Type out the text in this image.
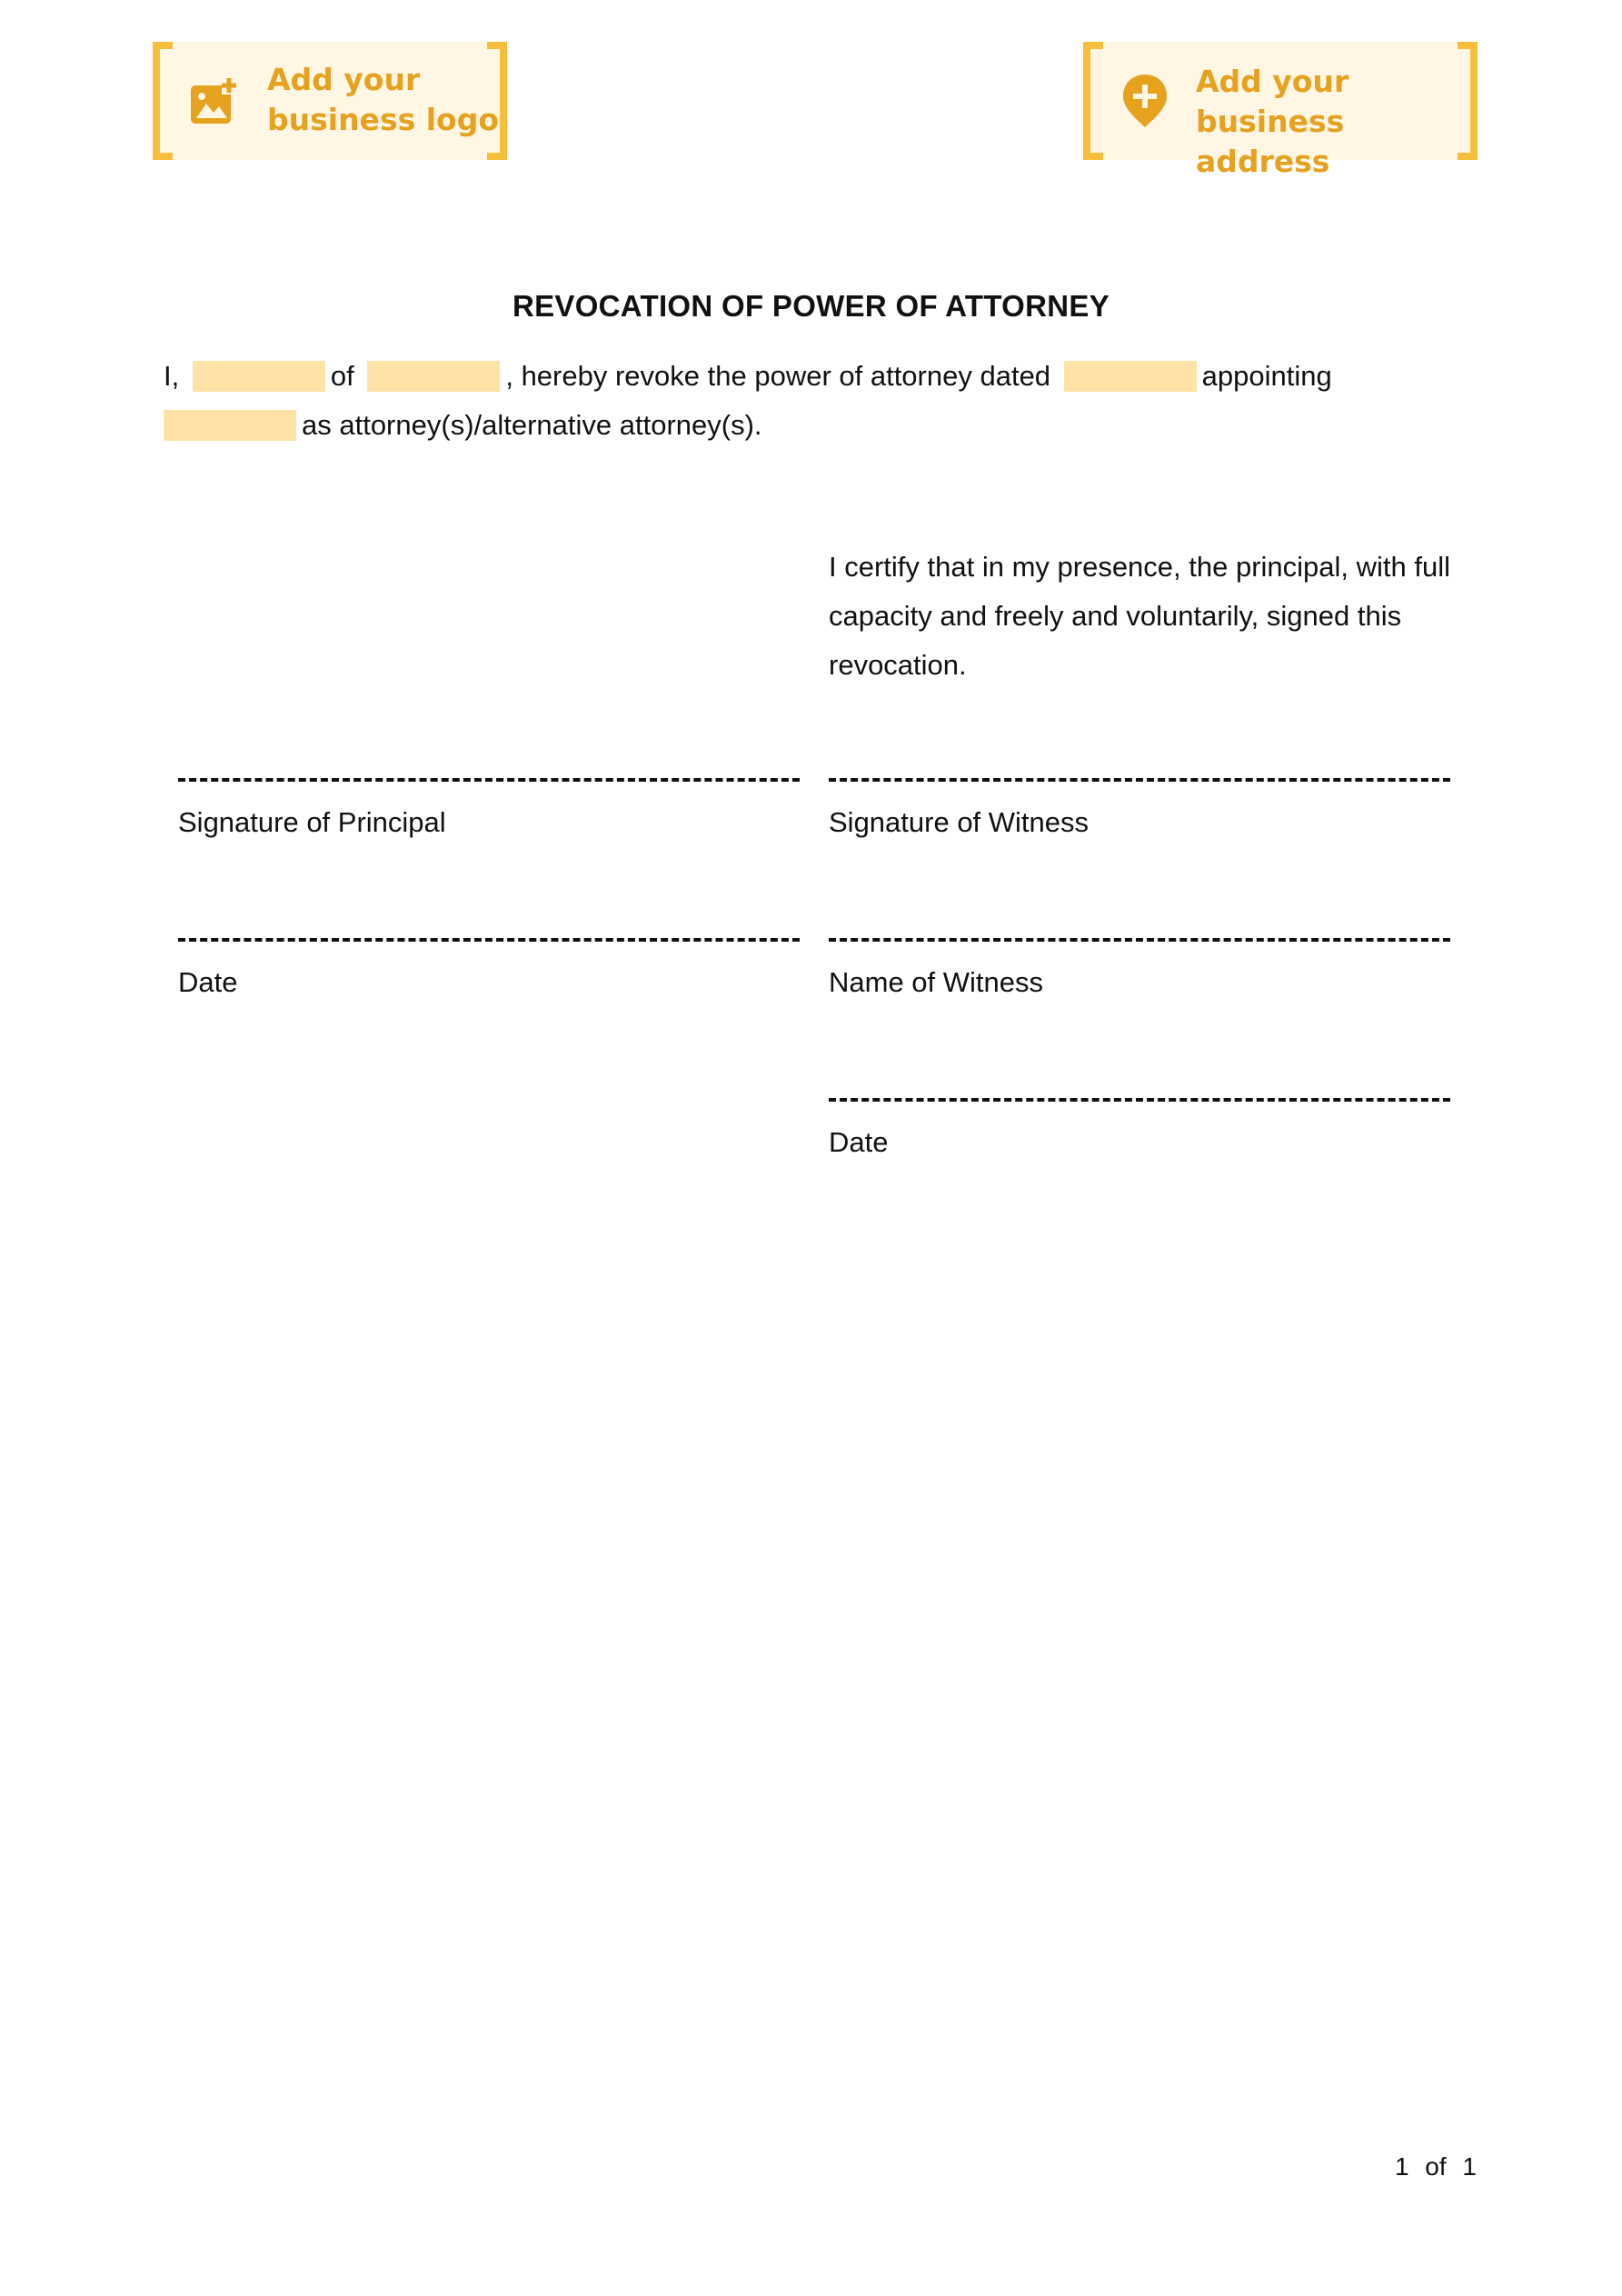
Add your
business logo
Add your
business address
REVOCATION OF POWER OF ATTORNEY
I,	of	, hereby revoke the power of attorney dated	appointing
as attorney(s)/alternative attorney(s).
I certify that in my presence, the principal, with full capacity and freely and voluntarily, signed this revocation.
Signature of Principal
Date
Signature of Witness
Name of Witness
Date
1 of 1
